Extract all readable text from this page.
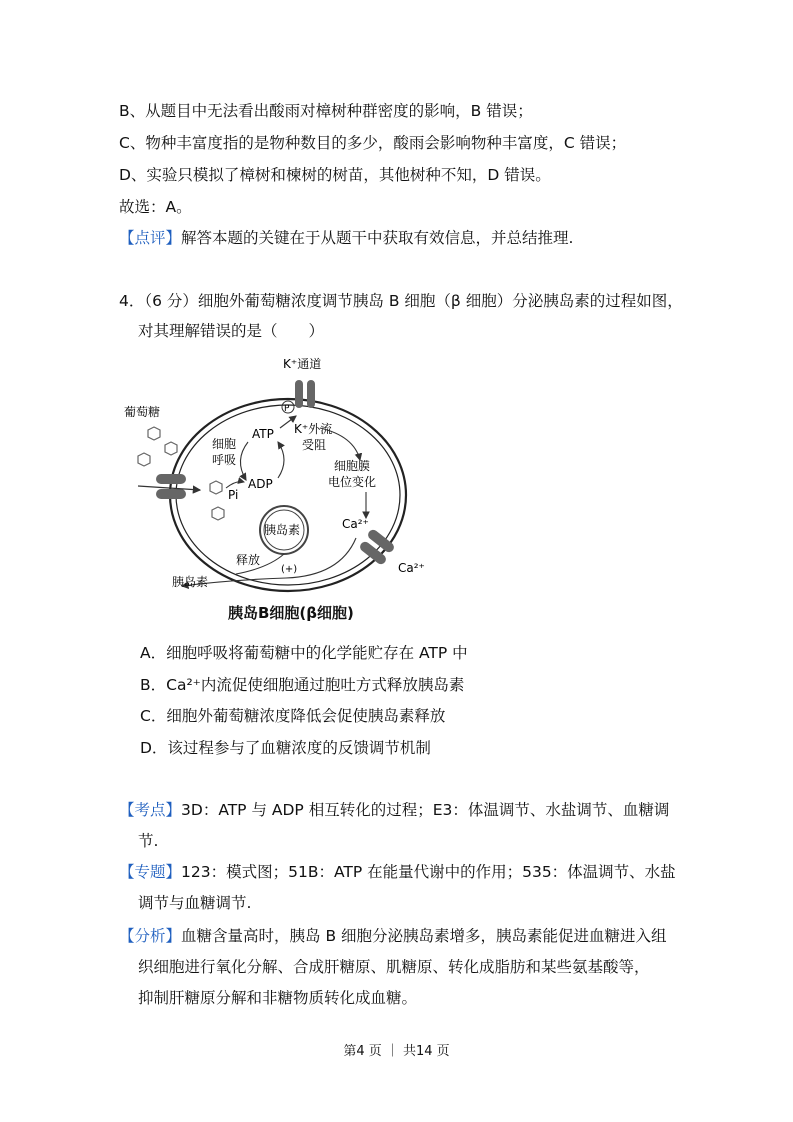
B、从题目中无法看出酸雨对樟树种群密度的影响，B 错误；
C、物种丰富度指的是物种数目的多少，酸雨会影响物种丰富度，C 错误；
D、实验只模拟了樟树和楝树的树苗，其他树种不知，D 错误。
故选：A。
【点评】解答本题的关键在于从题干中获取有效信息，并总结推理.
4．（6 分）细胞外葡萄糖浓度调节胰岛 B 细胞（β 细胞）分泌胰岛素的过程如图，
对其理解错误的是（　　）
K⁺通道
葡萄糖	P
ATP
ADP
Pi
细胞
呼吸
K⁺外流
受阻
细胞膜
电位变化
Ca²⁺
Ca²⁺
胰岛素
释放
(+)
胰岛素
胰岛B细胞(β细胞)
A．细胞呼吸将葡萄糖中的化学能贮存在 ATP 中
B．Ca²⁺内流促使细胞通过胞吐方式释放胰岛素
C．细胞外葡萄糖浓度降低会促使胰岛素释放
D．该过程参与了血糖浓度的反馈调节机制
【考点】3D：ATP 与 ADP 相互转化的过程；E3：体温调节、水盐调节、血糖调
节.
【专题】123：模式图；51B：ATP 在能量代谢中的作用；535：体温调节、水盐
调节与血糖调节.
【分析】血糖含量高时，胰岛 B 细胞分泌胰岛素增多，胰岛素能促进血糖进入组
织细胞进行氧化分解、合成肝糖原、肌糖原、转化成脂肪和某些氨基酸等，
抑制肝糖原分解和非糖物质转化成血糖。
第4 页 ｜ 共14 页
